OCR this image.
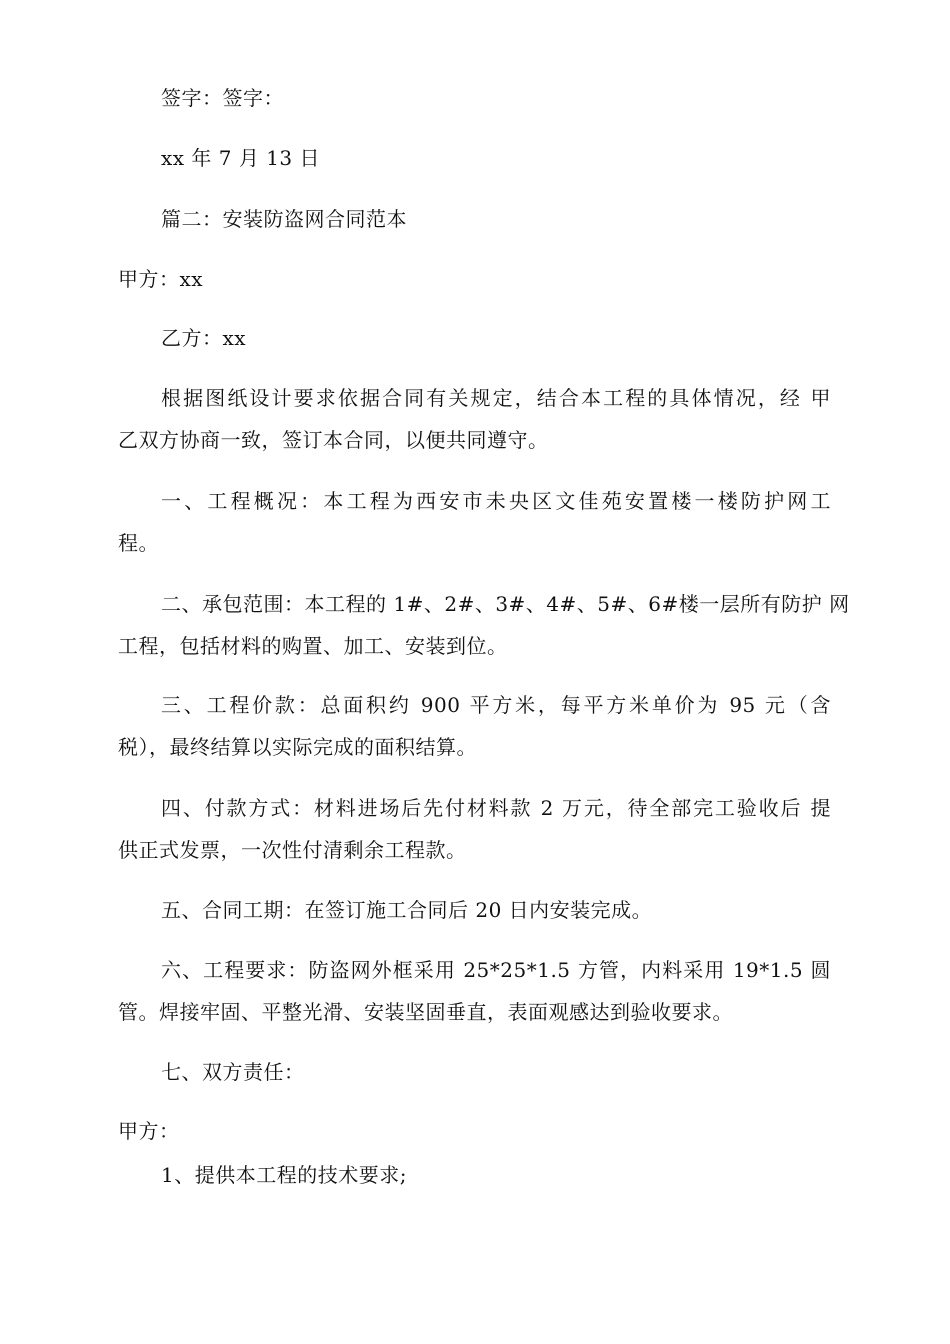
签字：签字：
xx 年 7 月 13 日
篇二：安装防盗网合同范本
甲方：xx
乙方：xx
根据图纸设计要求依据合同有关规定，结合本工程的具体情况，经 甲
乙双方协商一致，签订本合同，以便共同遵守。
一、工程概况：本工程为西安市未央区文佳苑安置楼一楼防护网工
程。
二、承包范围：本工程的 1#、2#、3#、4#、5#、6#楼一层所有防护 网
工程，包括材料的购置、加工、安装到位。
三、工程价款：总面积约 900 平方米，每平方米单价为 95 元（含
税），最终结算以实际完成的面积结算。
四、付款方式：材料进场后先付材料款 2 万元，待全部完工验收后 提
供正式发票，一次性付清剩余工程款。
五、合同工期：在签订施工合同后 20 日内安装完成。
六、工程要求：防盗网外框采用 25*25*1.5 方管，内料采用 19*1.5 圆
管。焊接牢固、平整光滑、安装坚固垂直，表面观感达到验收要求。
七、双方责任：
甲方：
1、提供本工程的技术要求;
